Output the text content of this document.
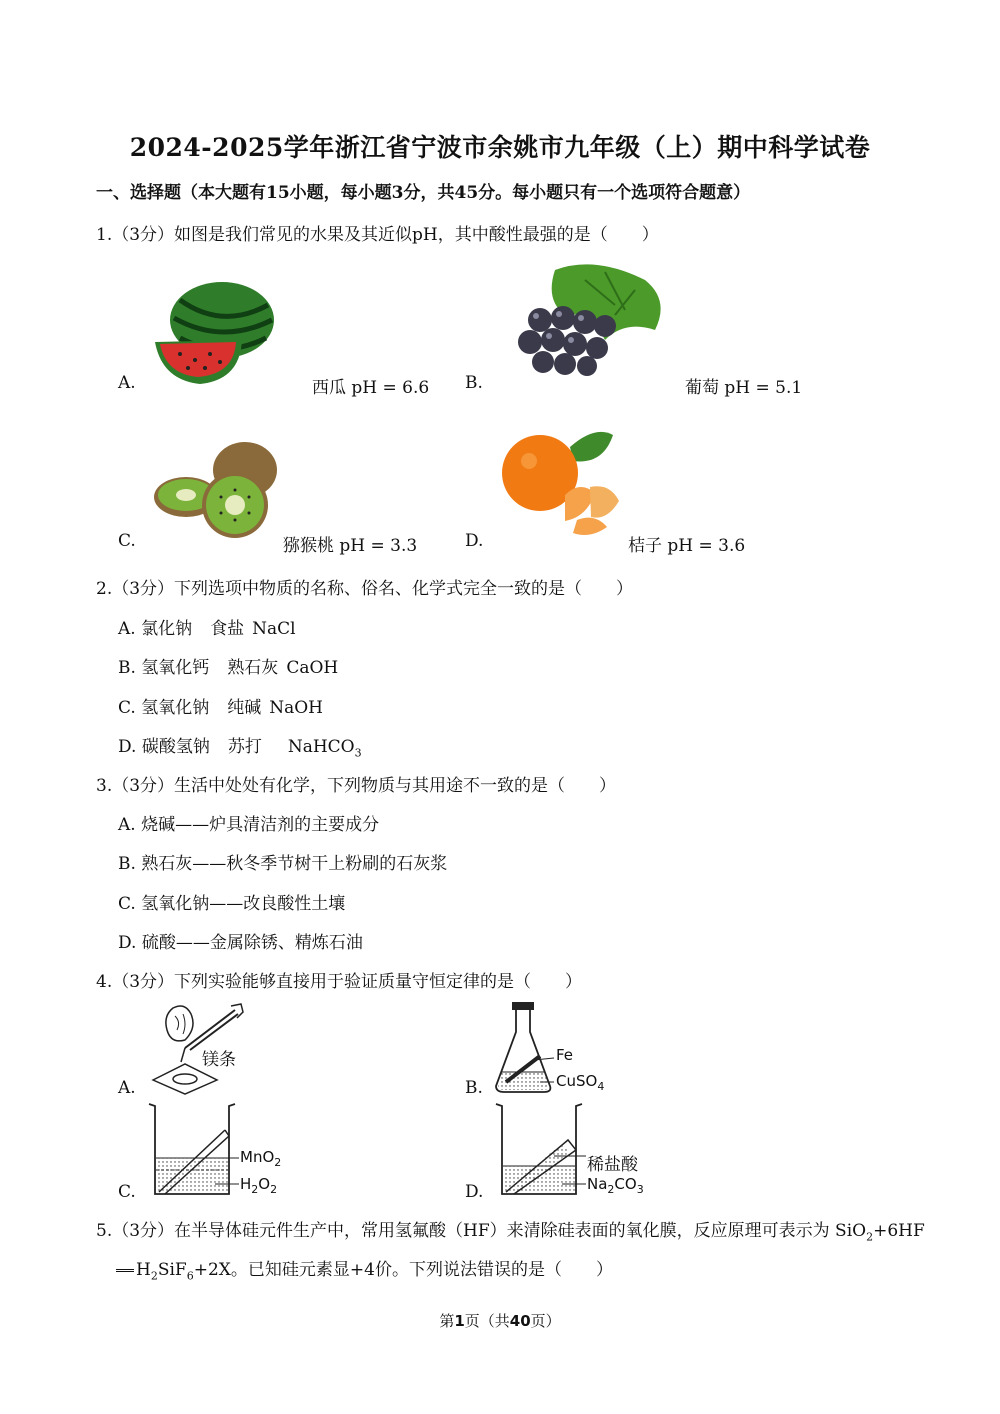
2024-2025学年浙江省宁波市余姚市九年级（上）期中科学试卷
一、选择题（本大题有15小题，每小题3分，共45分。每小题只有一个选项符合题意）
1.（3分）如图是我们常见的水果及其近似pH，其中酸性最强的是（　　）
A.	西瓜 pH = 6.6 B.	葡萄 pH = 5.1
C.	猕猴桃 pH = 3.3	D.	桔子 pH = 3.6
2.（3分）下列选项中物质的名称、俗名、化学式完全一致的是（　　）
A. 氯化钠 食盐 NaCl
B. 氢氧化钙 熟石灰 CaOH
C. 氢氧化钠 纯碱 NaOH
D. 碳酸氢钠 苏打 NaHCO$_3$
3.（3分）生活中处处有化学，下列物质与其用途不一致的是（　　）
A. 烧碱——炉具清洁剂的主要成分
B. 熟石灰——秋冬季节树干上粉刷的石灰浆
C. 氢氧化钠——改良酸性土壤
D. 硫酸——金属除锈、精炼石油
4.（3分）下列实验能够直接用于验证质量守恒定律的是（　　）
镁条
A.
Fe
CuSO$_4$
B.
MnO$_2$
$H_2O_2$
C.
稀盐酸
$Na_2CO_3$
D.
5.（3分）在半导体硅元件生产中，常用氢氟酸（HF）来清除硅表面的氧化膜，反应原理可表示为 SiO$_2$+6HF
$H_2SiF_6+2X$。已知硅元素显+4价。下列说法错误的是（　　）
第1页（共40页）
